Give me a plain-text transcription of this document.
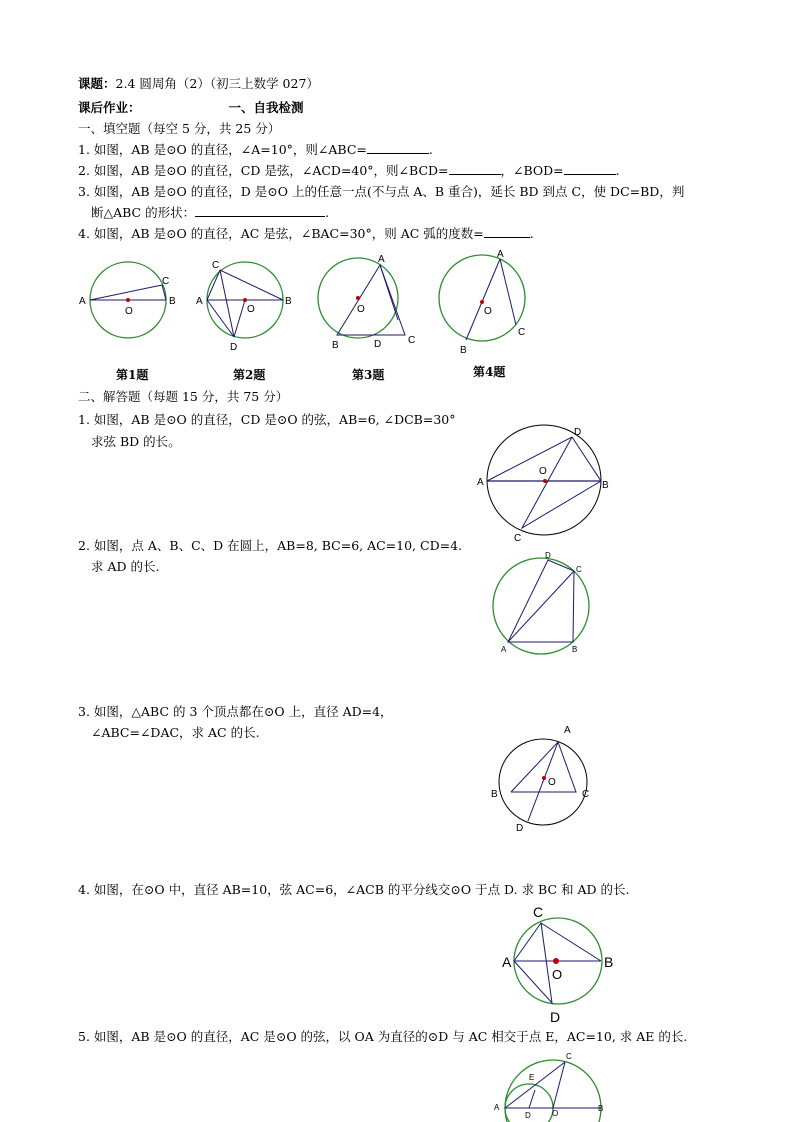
课题：2.4 圆周角（2）（初三上数学 027）
课后作业：	一、自我检测
一、填空题（每空 5 分，共 25 分）
1. 如图，AB 是⊙O 的直径，∠A=10°，则∠ABC=	.
2. 如图，AB 是⊙O 的直径，CD 是弦，∠ACD=40°，则∠BCD=	，∠BOD=	.
3. 如图，AB 是⊙O 的直径，D 是⊙O 上的任意一点(不与点 A、B 重合)，延长 BD 到点 C，使 DC=BD，判
断△ABC 的形状：	.
4. 如图，AB 是⊙O 的直径，AC 是弦，∠BAC=30°，则 AC 弧的度数=	.
第1题	第2题	第3题	第4题
二、解答题（每题 15 分，共 75 分）
1. 如图，AB 是⊙O 的直径，CD 是⊙O 的弦，AB=6, ∠DCB=30°
求弦 BD 的长。
2. 如图，点 A、B、C、D 在圆上，AB=8, BC=6, AC=10, CD=4.
求 AD 的长.
3. 如图，△ABC 的 3 个顶点都在⊙O 上，直径 AD=4，
∠ABC=∠DAC，求 AC 的长.
4. 如图，在⊙O 中，直径 AB=10，弦 AC=6，∠ACB 的平分线交⊙O 于点 D. 求 BC 和 AD 的长.
5. 如图，AB 是⊙O 的直径，AC 是⊙O 的弦，以 OA 为直径的⊙D 与 AC 相交于点 E，AC=10, 求 AE 的长.
A	B
C
O
A	B
C
D
O
A
B	C
D
O
A
B
C
O
A	B
C
D
O
D
C
A	B
A
B	C
D
O
C
A	B
D
O
A	B
C
E
D	O
